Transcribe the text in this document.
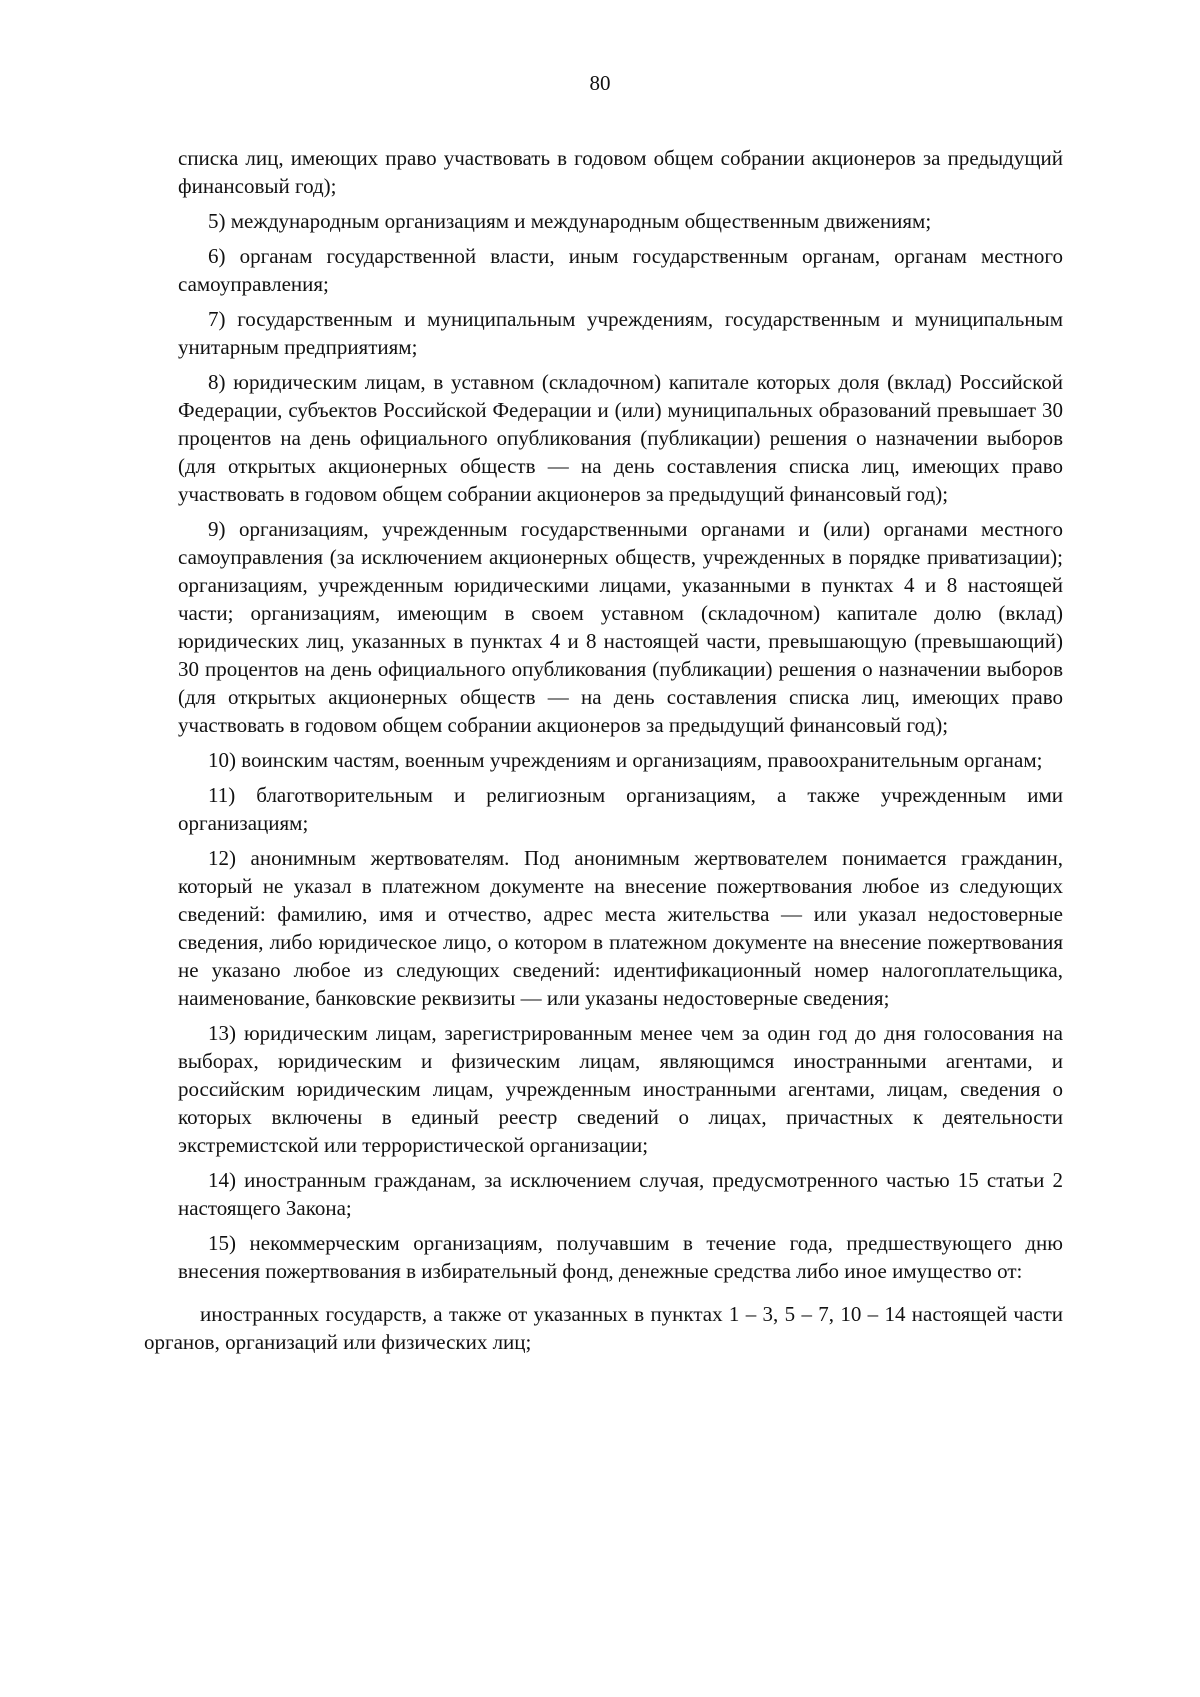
80

списка лиц, имеющих право участвовать в годовом общем собрании акционеров за предыдущий финансовый год);

5) международным организациям и международным общественным движениям;

6) органам государственной власти, иным государственным органам, органам местного самоуправления;

7) государственным и муниципальным учреждениям, государственным и муниципальным унитарным предприятиям;

8) юридическим лицам, в уставном (складочном) капитале которых доля (вклад) Российской Федерации, субъектов Российской Федерации и (или) муниципальных образований превышает 30 процентов на день официального опубликования (публикации) решения о назначении выборов (для открытых акционерных обществ — на день составления списка лиц, имеющих право участвовать в годовом общем собрании акционеров за предыдущий финансовый год);

9) организациям, учрежденным государственными органами и (или) органами местного самоуправления (за исключением акционерных обществ, учрежденных в порядке приватизации); организациям, учрежденным юридическими лицами, указанными в пунктах 4 и 8 настоящей части; организациям, имеющим в своем уставном (складочном) капитале долю (вклад) юридических лиц, указанных в пунктах 4 и 8 настоящей части, превышающую (превышающий) 30 процентов на день официального опубликования (публикации) решения о назначении выборов (для открытых акционерных обществ — на день составления списка лиц, имеющих право участвовать в годовом общем собрании акционеров за предыдущий финансовый год);

10) воинским частям, военным учреждениям и организациям, правоохранительным органам;

11) благотворительным и религиозным организациям, а также учрежденным ими организациям;

12) анонимным жертвователям. Под анонимным жертвователем понимается гражданин, который не указал в платежном документе на внесение пожертвования любое из следующих сведений: фамилию, имя и отчество, адрес места жительства — или указал недостоверные сведения, либо юридическое лицо, о котором в платежном документе на внесение пожертвования не указано любое из следующих сведений: идентификационный номер налогоплательщика, наименование, банковские реквизиты — или указаны недостоверные сведения;

13) юридическим лицам, зарегистрированным менее чем за один год до дня голосования на выборах, юридическим и физическим лицам, являющимся иностранными агентами, и российским юридическим лицам, учрежденным иностранными агентами, лицам, сведения о которых включены в единый реестр сведений о лицах, причастных к деятельности экстремистской или террористической организации;

14) иностранным гражданам, за исключением случая, предусмотренного частью 15 статьи 2 настоящего Закона;

15) некоммерческим организациям, получавшим в течение года, предшествующего дню внесения пожертвования в избирательный фонд, денежные средства либо иное имущество от:

иностранных государств, а также от указанных в пунктах 1 – 3, 5 – 7, 10 – 14 настоящей части органов, организаций или физических лиц;
